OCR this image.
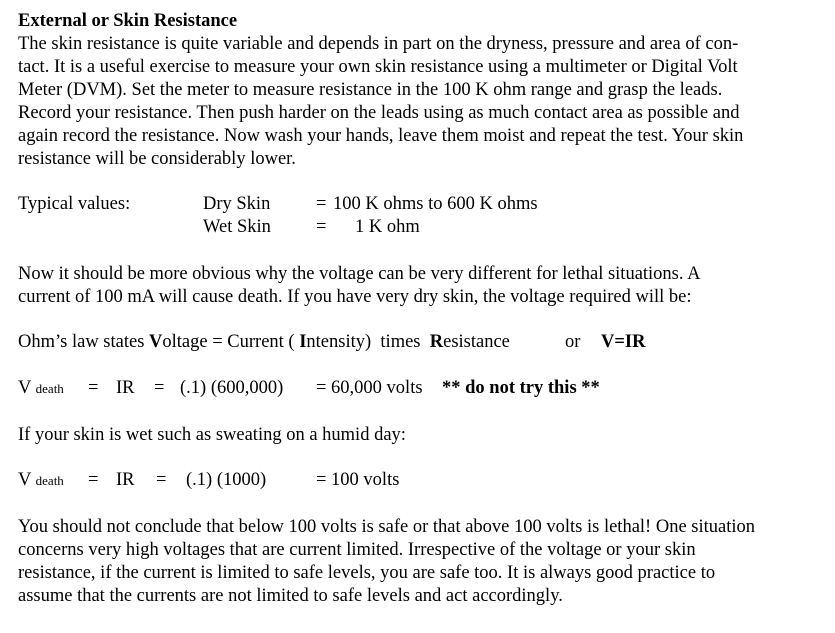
External or Skin Resistance

The skin resistance is quite variable and depends in part on the dryness, pressure and area of con-
tact. It is a useful exercise to measure your own skin resistance using a multimeter or Digital Volt
Meter (DVM). Set the meter to measure resistance in the 100 K ohm range and grasp the leads.
Record your resistance. Then push harder on the leads using as much contact area as possible and
again record the resistance. Now wash your hands, leave them moist and repeat the test. Your skin
resistance will be considerably lower.

Typical values:	Dry Skin = 100 K ohms to 600 K ohms
Wet Skin = 1 K ohm

Now it should be more obvious why the voltage can be very different for lethal situations. A
current of 100 mA will cause death. If you have very dry skin, the voltage required will be:

Ohm’s law states Voltage = Current ( Intensity)  times  Resistance	or V=IR
V death = IR = (.1) (600,000) = 60,000 volts ** do not try this **

If your skin is wet such as sweating on a humid day:

V death = IR = (.1) (1000)	= 100 volts

You should not conclude that below 100 volts is safe or that above 100 volts is lethal! One situation
concerns very high voltages that are current limited. Irrespective of the voltage or your skin
resistance, if the current is limited to safe levels, you are safe too. It is always good practice to
assume that the currents are not limited to safe levels and act accordingly.
